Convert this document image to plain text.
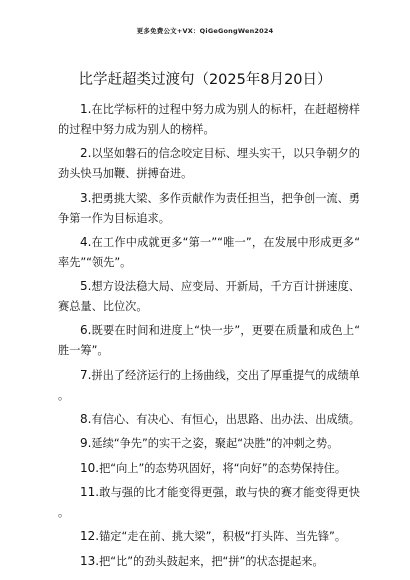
更多免费公文+VX：QiGeGongWen2024
比学赶超类过渡句（2025年8月20日）

1.在比学标杆的过程中努力成为别人的标杆，在赶超榜样的过程中努力成为别人的榜样。

2.以坚如磐石的信念咬定目标、埋头实干，以只争朝夕的劲头快马加鞭、拼搏奋进。

3.把勇挑大梁、多作贡献作为责任担当，把争创一流、勇争第一作为目标追求。

4.在工作中成就更多“第一”“唯一”，在发展中形成更多“率先”“领先”。

5.想方设法稳大局、应变局、开新局，千方百计拼速度、赛总量、比位次。

6.既要在时间和进度上“快一步”，更要在质量和成色上“胜一筹”。

7.拼出了经济运行的上扬曲线，交出了厚重提气的成绩单。

8.有信心、有决心、有恒心，出思路、出办法、出成绩。

9.延续“争先”的实干之姿，聚起“决胜”的冲刺之势。

10.把“向上”的态势巩固好，将“向好”的态势保持住。

11.敢与强的比才能变得更强，敢与快的赛才能变得更快。

12.锚定“走在前、挑大梁”，积极“打头阵、当先锋”。

13.把“比”的劲头鼓起来，把“拼”的状态提起来。
